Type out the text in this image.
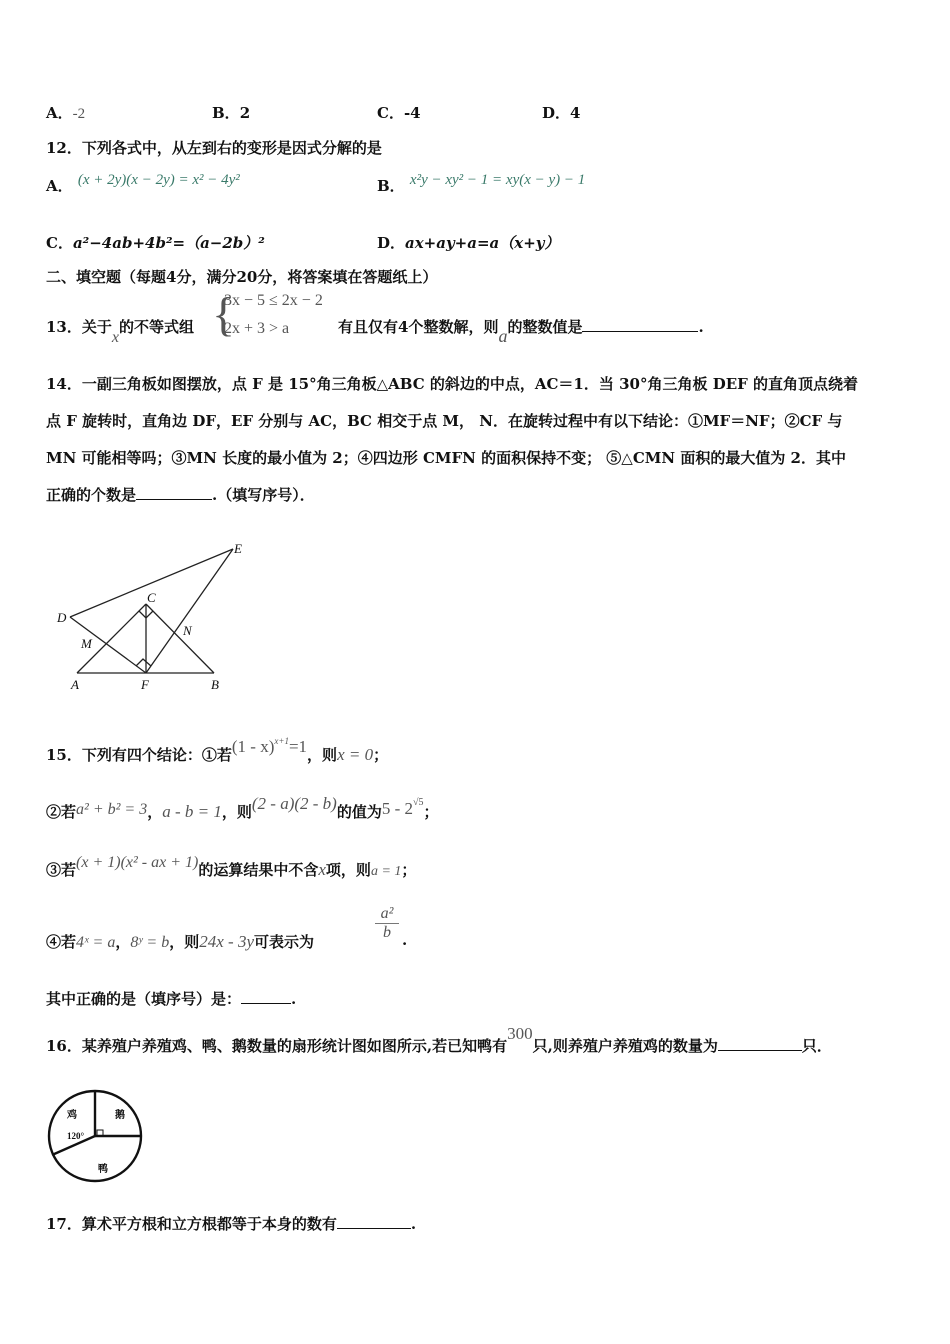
A．-2	B．2	C．-4	D．4
12．下列各式中，从左到右的变形是因式分解的是
A． (x + 2y)(x − 2y) = x² − 4y²	B． x²y − xy² − 1 = xy(x − y) − 1
C．a²−4ab+4b²=（a−2b）²	D．ax+ay+a=a（x+y）
二、填空题（每题4分，满分20分，将答案填在答题纸上）
13．关于x的不等式组 {
3x − 5 ≤ 2x − 2
2x + 3 > a	有且仅有4个整数解，则a的整数值是	.
14．一副三角板如图摆放，点 F 是 15°角三角板△ABC 的斜边的中点，AC＝1．当 30°角三角板 DEF 的直角顶点绕着
点 F 旋转时，直角边 DF，EF 分别与 AC，BC 相交于点 M， N．在旋转过程中有以下结论：①MF＝NF；②CF 与
MN 可能相等吗；③MN 长度的最小值为 2；④四边形 CMFN 的面积保持不变； ⑤△CMN 面积的最大值为 2．其中
正确的个数是	.（填写序号）．
E
D
C
M
N
A	F	B
15．下列有四个结论：①若(1 - x)$^{x+1}$=1，则x = 0；
②若a² + b² = 3，a - b = 1，则(2 - a)(2 - b)的值为$5 - 2^{√5}$；
③若(x + 1)(x² - ax + 1)的运算结果中不含x项，则a = 1；
④若4ˣ = a，8ʸ = b，则24x - 3y可表示为	$\frac{\text{a²}}{b}$ .
其中正确的是（填序号）是：	.
16．某养殖户养殖鸡、鸭、鹅数量的扇形统计图如图所示,若已知鸭有300只,则养殖户养殖鸡的数量为	只．
鸡	鹅
鸭
120°
17．算术平方根和立方根都等于本身的数有	.
